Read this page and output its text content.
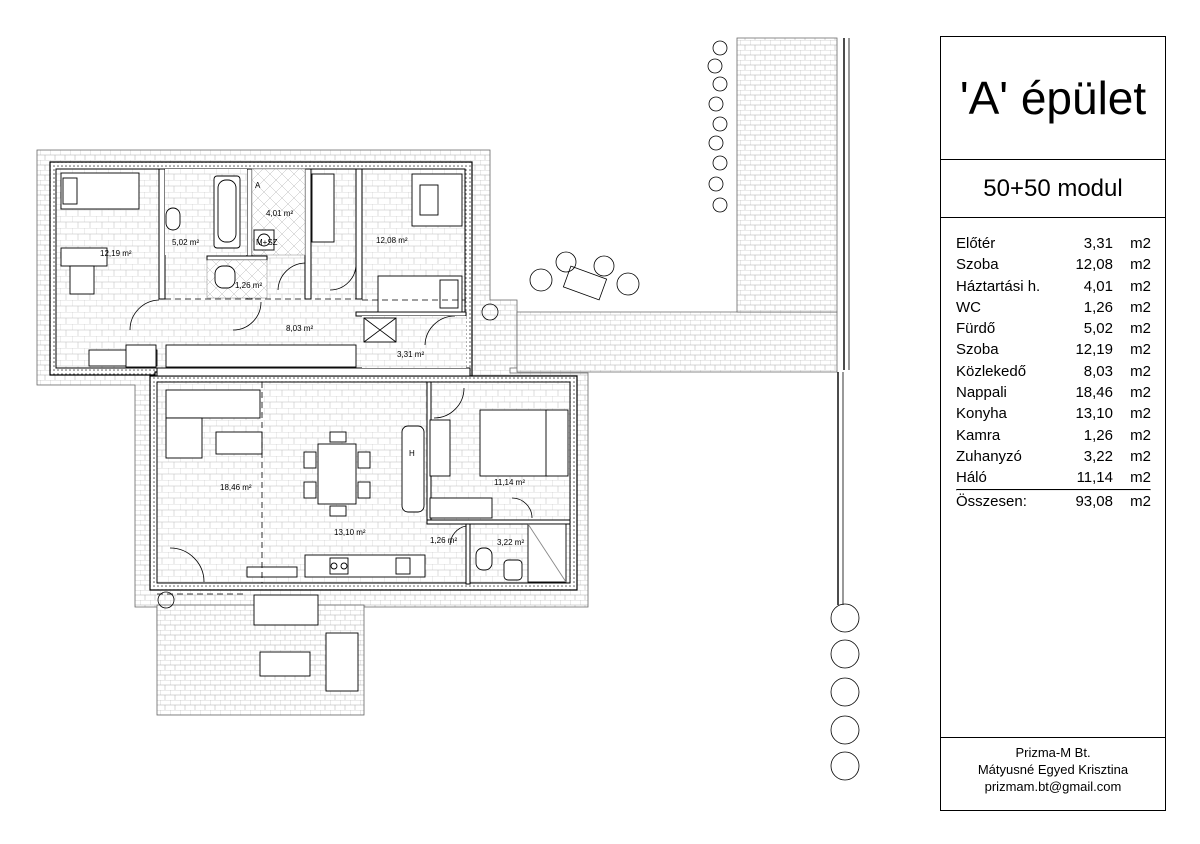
12,19 m²
5,02 m²
4,01 m²
M+SZ	12,08 m²
1,26 m²
8,03 m²
3,31 m²
18,46 m²
13,10 m²
1,26 m²
11,14 m²
3,22 m²
H
A
'A' épület
50+50 modul
Előtér	3,31	m2
Szoba	12,08	m2
Háztartási h.	4,01	m2
WC	1,26	m2
Fürdő	5,02	m2
Szoba	12,19	m2
Közlekedő	8,03	m2
Nappali	18,46	m2
Konyha	13,10	m2
Kamra	1,26	m2
Zuhanyzó	3,22	m2
Háló	11,14	m2
Összesen:	93,08	m2
Prizma-M Bt.
Mátyusné Egyed Krisztina
prizmam.bt@gmail.com
